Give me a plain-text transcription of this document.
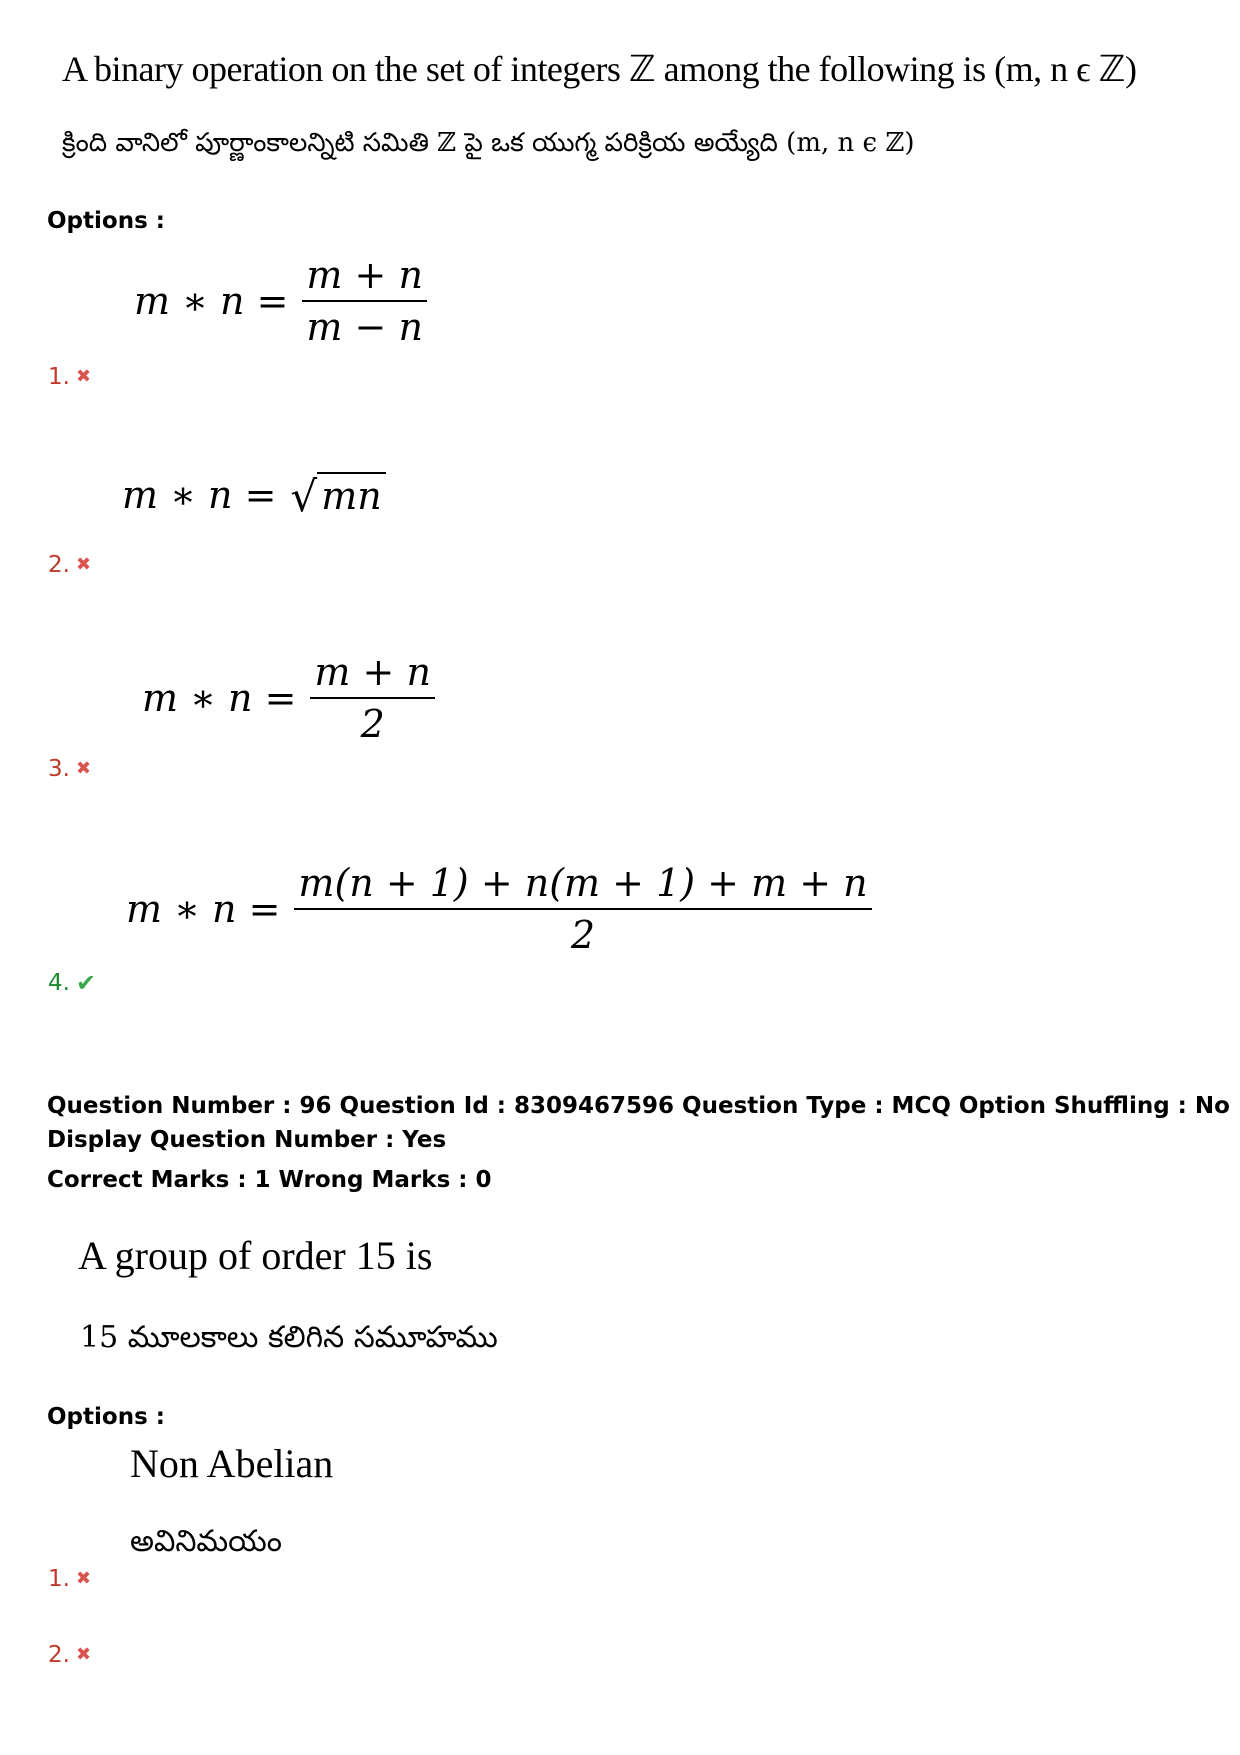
A binary operation on the set of integers ℤ among the following is (m, n ϵ ℤ)
క్రింది వానిలో పూర్ణాంకాలన్నిటి సమితి ℤ పై ఒక యుగ్మ పరిక్రియ అయ్యేది (m, n ϵ ℤ)
Options :
m ∗ $n = \frac{m + n}{m - n}$
1. ✖
m ∗ n = √ mn
2. ✖
m ∗ $n = \frac{m + n}{2}$
3. ✖
m ∗ $n = \frac{m(n + 1) + n(m + 1) + m + n}{2}$
4. ✔
Question Number : 96 Question Id : 8309467596 Question Type : MCQ Option Shuffling : No
Display Question Number : Yes
Correct Marks : 1 Wrong Marks : 0
A group of order 15 is
15 మూలకాలు కలిగిన సమూహము
Options :
Non Abelian
అవినిమయం
1. ✖
2. ✖
